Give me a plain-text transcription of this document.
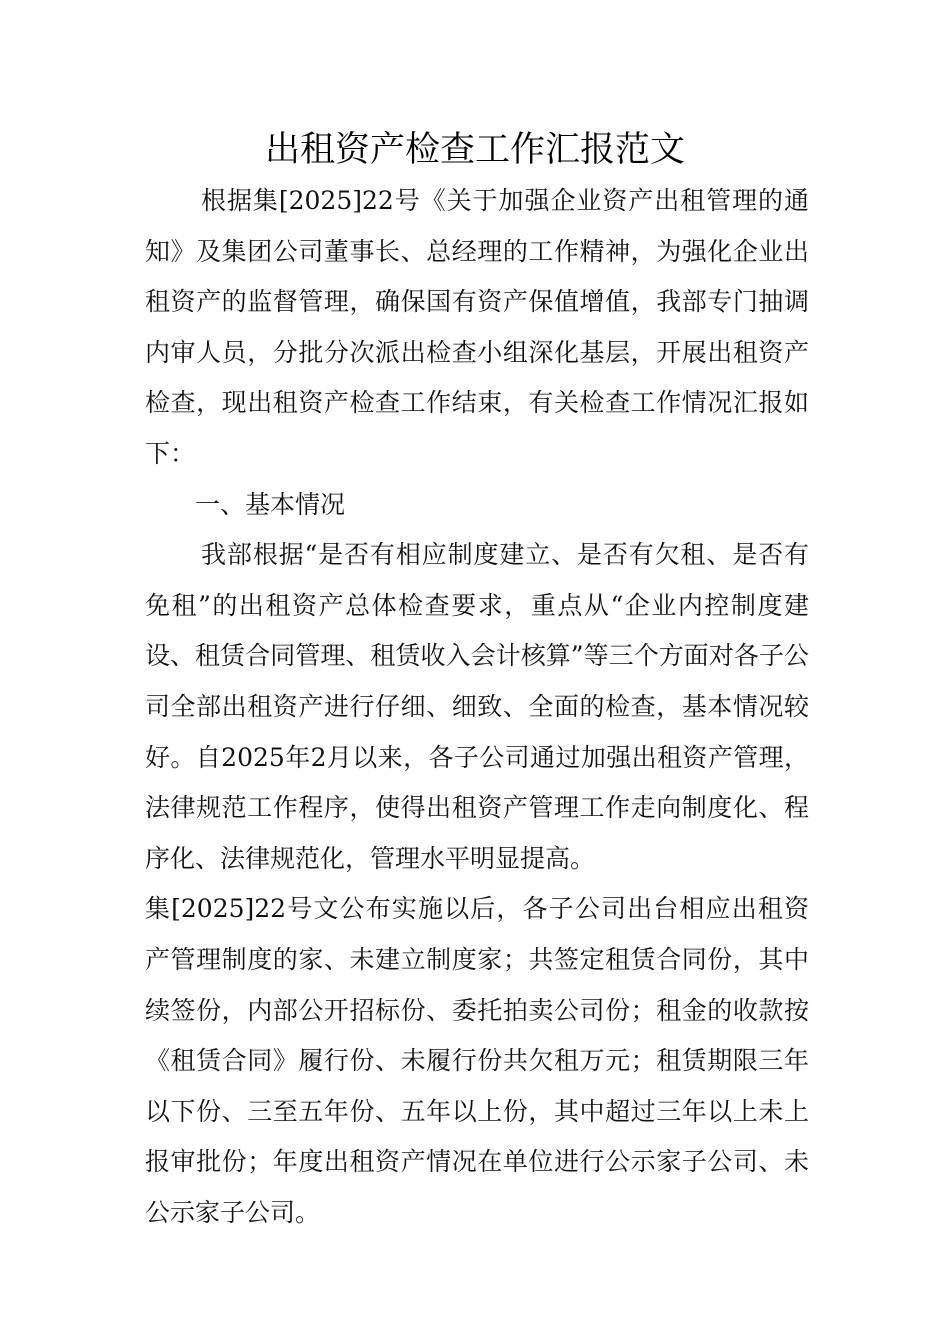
出租资产检查工作汇报范文

根据集[2025]22号《关于加强企业资产出租管理的通知》及集团公司董事长、总经理的工作精神，为强化企业出租资产的监督管理，确保国有资产保值增值，我部专门抽调内审人员，分批分次派出检查小组深化基层，开展出租资产检查，现出租资产检查工作结束，有关检查工作情况汇报如下：

一、基本情况

我部根据“是否有相应制度建立、是否有欠租、是否有免租”的出租资产总体检查要求，重点从“企业内控制度建设、租赁合同管理、租赁收入会计核算”等三个方面对各子公司全部出租资产进行仔细、细致、全面的检查，基本情况较好。自2025年2月以来，各子公司通过加强出租资产管理，法律规范工作程序，使得出租资产管理工作走向制度化、程序化、法律规范化，管理水平明显提高。

集[2025]22号文公布实施以后，各子公司出台相应出租资产管理制度的家、未建立制度家；共签定租赁合同份，其中续签份，内部公开招标份、委托拍卖公司份；租金的收款按《租赁合同》履行份、未履行份共欠租万元；租赁期限三年以下份、三至五年份、五年以上份，其中超过三年以上未上报审批份；年度出租资产情况在单位进行公示家子公司、未公示家子公司。
